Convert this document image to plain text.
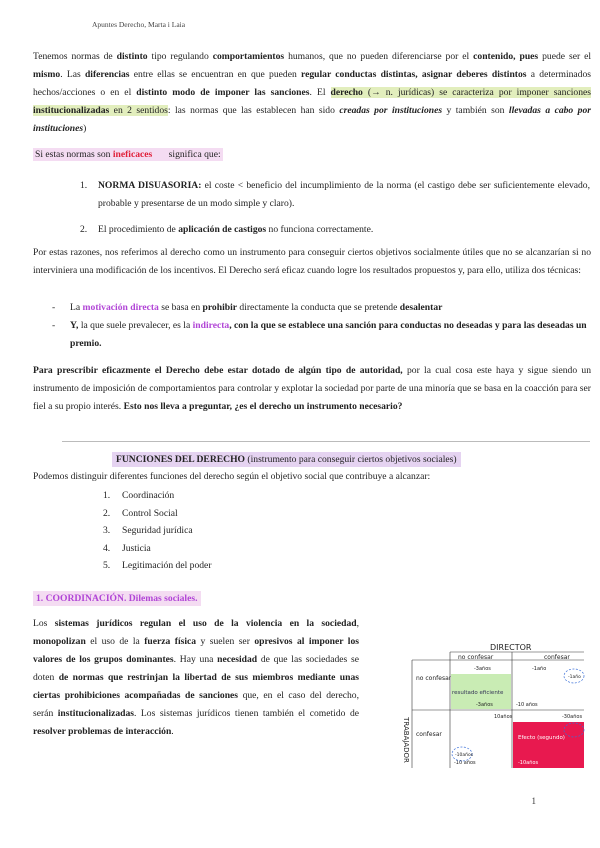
Apuntes Derecho, Marta i Laia
Tenemos normas de distinto tipo regulando comportamientos humanos, que no pueden diferenciarse por el contenido, pues puede ser el mismo. Las diferencias entre ellas se encuentran en que pueden regular conductas distintas, asignar deberes distintos a determinados hechos/acciones o en el distinto modo de imponer las sanciones. El derecho (→ n. jurídicas) se caracteriza por imponer sanciones institucionalizadas en 2 sentidos: las normas que las establecen han sido creadas por instituciones y también son llevadas a cabo por instituciones)
Si estas normas son ineficaces significa que:
1. NORMA DISUASORIA: el coste < beneficio del incumplimiento de la norma (el castigo debe ser suficientemente elevado, probable y presentarse de un modo simple y claro).
2. El procedimiento de aplicación de castigos no funciona correctamente.
Por estas razones, nos referimos al derecho como un instrumento para conseguir ciertos objetivos socialmente útiles que no se alcanzarían si no interviniera una modificación de los incentivos. El Derecho será eficaz cuando logre los resultados propuestos y, para ello, utiliza dos técnicas:
- La motivación directa se basa en prohibir directamente la conducta que se pretende desalentar
- Y, la que suele prevalecer, es la indirecta, con la que se establece una sanción para conductas no deseadas y para las deseadas un premio.
Para prescribir eficazmente el Derecho debe estar dotado de algún tipo de autoridad, por la cual cosa este haya y sigue siendo un instrumento de imposición de comportamientos para controlar y explotar la sociedad por parte de una minoría que se basa en la coacción para ser fiel a su propio interés. Esto nos lleva a preguntar, ¿es el derecho un instrumento necesario?
FUNCIONES DEL DERECHO (instrumento para conseguir ciertos objetivos sociales)
Podemos distinguir diferentes funciones del derecho según el objetivo social que contribuye a alcanzar:
1. Coordinación
2. Control Social
3. Seguridad jurídica
4. Justicia
5. Legitimación del poder
1. COORDINACIÓN. Dilemas sociales.
Los sistemas jurídicos regulan el uso de la violencia en la sociedad, monopolizan el uso de la fuerza física y suelen ser opresivos al imponer los valores de los grupos dominantes. Hay una necesidad de que las sociedades se doten de normas que restrinjan la libertad de sus miembros mediante unas ciertas prohibiciones acompañadas de sanciones que, en el caso del derecho, serán institucionalizadas. Los sistemas jurídicos tienen también el cometido de resolver problemas de interacción.
DIRECTOR
no confesar	confesar
TRABAJADOR
no confesar
confesar
-3años
resultado eficiente
-3años
-1año
-10 años
10años
-10 años
Efecto (segundo)
-10años
-30años
-1año
-10años
1
